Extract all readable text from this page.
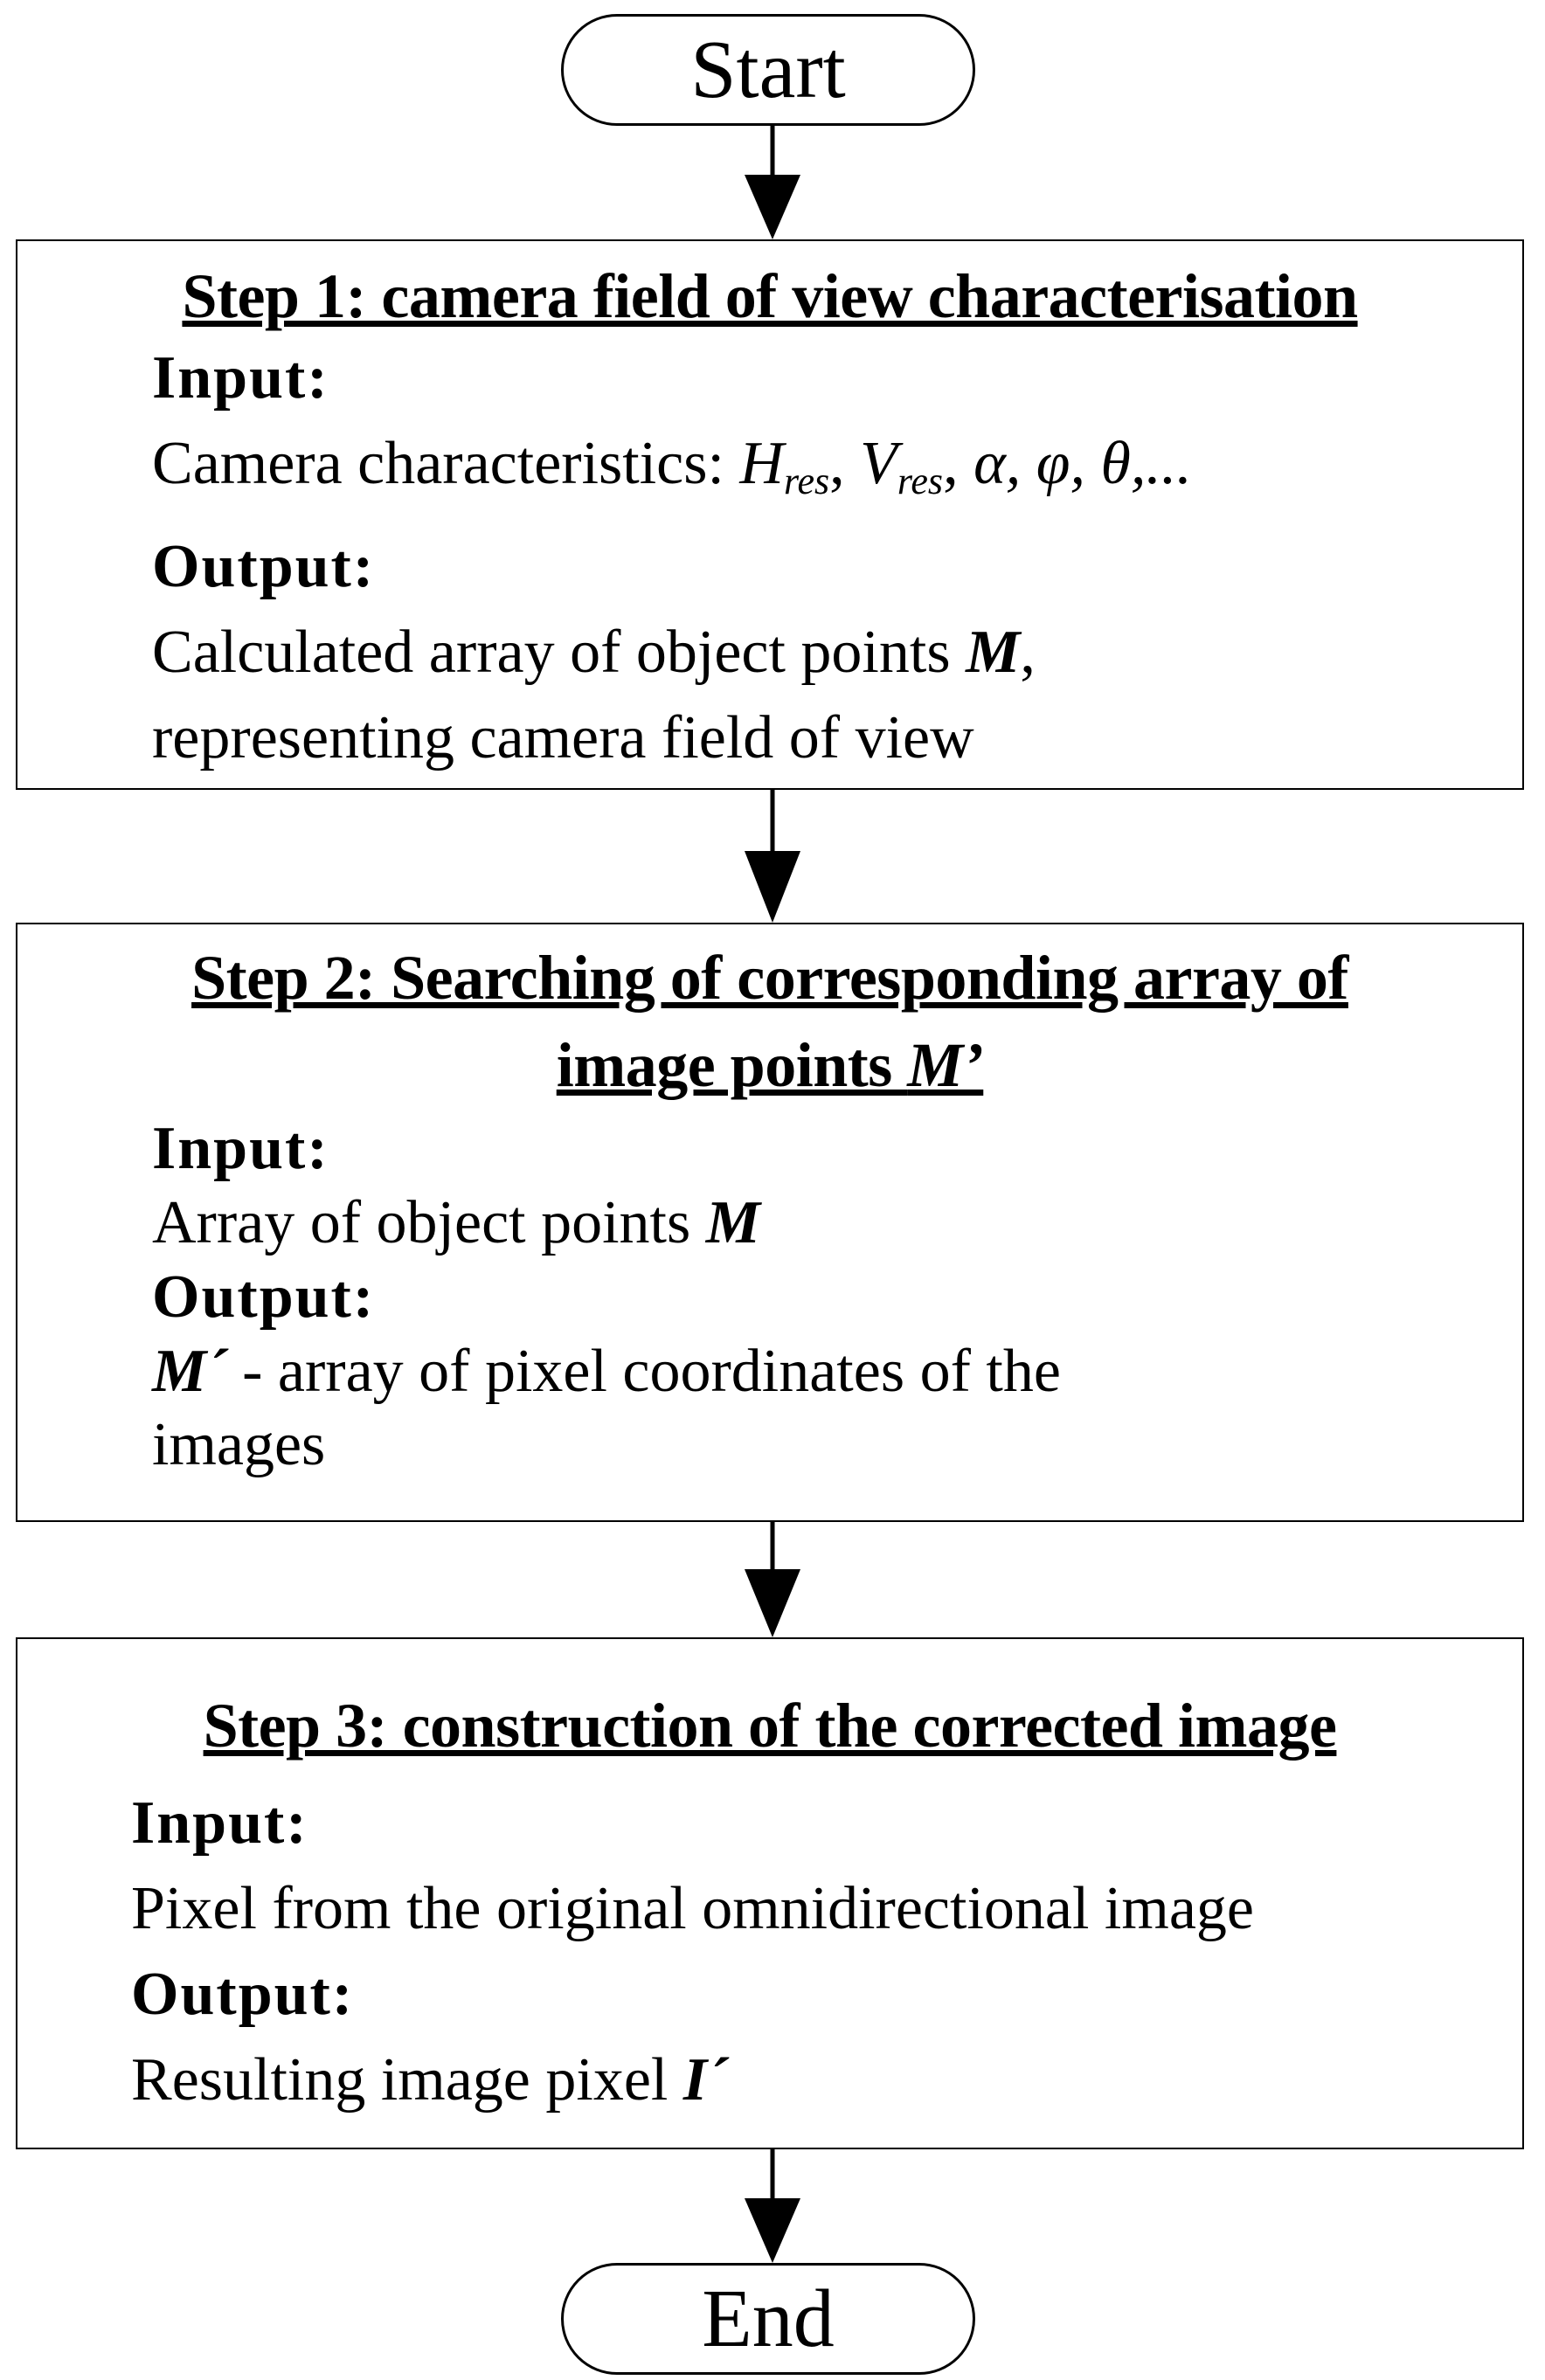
Start
Step 1: camera field of view characterisation
Input:
Camera characteristics: $H_{res}$, $V_{res}$, α, φ, θ,...
Output:
Calculated array of object points M,
representing camera field of view
Step 2: Searching of corresponding array of
image points M’
Input:
Array of object points M
Output:
M´ - array of pixel coordinates of the
images
Step 3: construction of the corrected image
Input:
Pixel from the original omnidirectional image
Output:
Resulting image pixel I´
End
